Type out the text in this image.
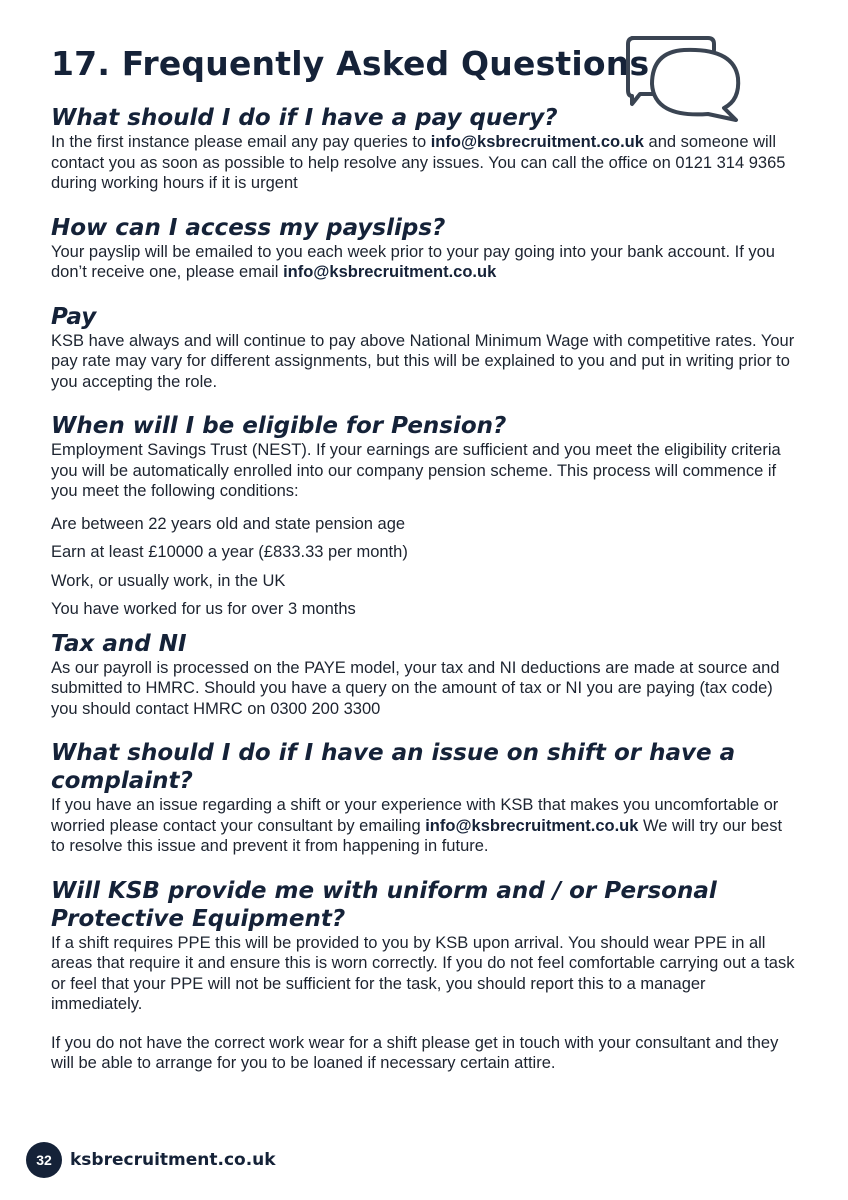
17. Frequently Asked Questions
What should I do if I have a pay query?

In the first instance please email any pay queries to info@ksbrecruitment.co.uk and someone will contact you as soon as possible to help resolve any issues. You can call the office on 0121 314 9365 during working hours if it is urgent

How can I access my payslips?

Your payslip will be emailed to you each week prior to your pay going into your bank account. If you don’t receive one, please email info@ksbrecruitment.co.uk

Pay

KSB have always and will continue to pay above National Minimum Wage with competitive rates. Your pay rate may vary for different assignments, but this will be explained to you and put in writing prior to you accepting the role.

When will I be eligible for Pension?

Employment Savings Trust (NEST). If your earnings are sufficient and you meet the eligibility criteria you will be automatically enrolled into our company pension scheme. This process will commence if you meet the following conditions:

Are between 22 years old and state pension age
Earn at least £10000 a year (£833.33 per month)
Work, or usually work, in the UK
You have worked for us for over 3 months
Tax and NI

As our payroll is processed on the PAYE model, your tax and NI deductions are made at source and submitted to HMRC. Should you have a query on the amount of tax or NI you are paying (tax code) you should contact HMRC on 0300 200 3300

What should I do if I have an issue on shift or have a complaint?

If you have an issue regarding a shift or your experience with KSB that makes you uncomfortable or worried please contact your consultant by emailing info@ksbrecruitment.co.uk We will try our best to resolve this issue and prevent it from happening in future.

Will KSB provide me with uniform and / or Personal Protective Equipment?

If a shift requires PPE this will be provided to you by KSB upon arrival. You should wear PPE in all areas that require it and ensure this is worn correctly. If you do not feel comfortable carrying out a task or feel that your PPE will not be sufficient for the task, you should report this to a manager immediately.

If you do not have the correct work wear for a shift please get in touch with your consultant and they will be able to arrange for you to be loaned if necessary certain attire.

32	ksbrecruitment.co.uk
